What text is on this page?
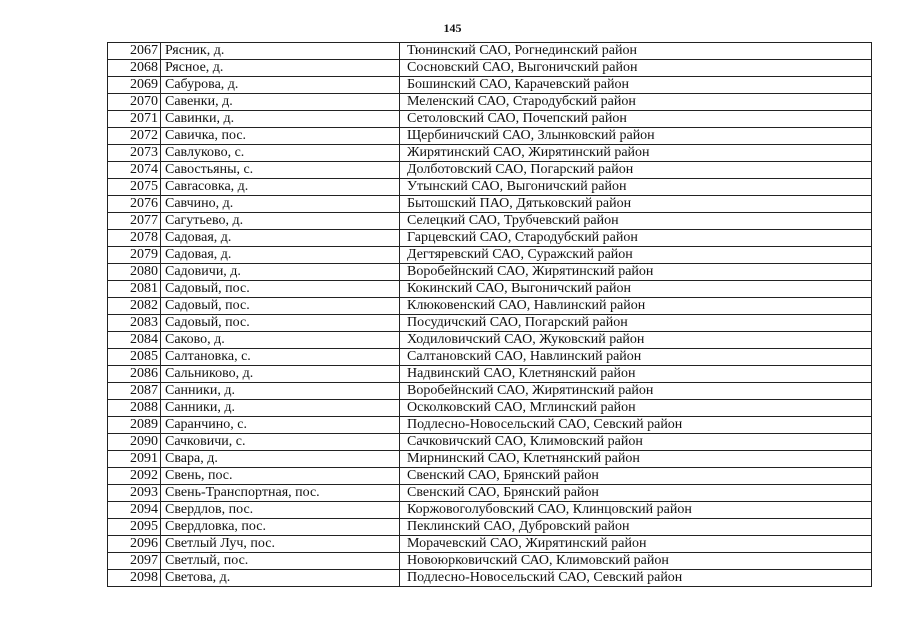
145
2067	Рясник, д.	Тюнинский САО, Рогнединский район
2068	Рясное, д.	Сосновский САО, Выгоничский район
2069	Сабурова, д.	Бошинский САО, Карачевский район
2070	Савенки, д.	Меленский САО, Стародубский район
2071	Савинки, д.	Сетоловский САО, Почепский район
2072	Савичка, пос.	Щербиничский САО, Злынковский район
2073	Савлуково, с.	Жирятинский САО, Жирятинский район
2074	Савостьяны, с.	Долботовский САО, Погарский район
2075	Савrасовка, д.	Утынский САО, Выгоничский район
2076	Савчино, д.	Бытошский ПАО, Дятьковский район
2077	Сагутьево, д.	Селецкий САО, Трубчевский район
2078	Садовая, д.	Гарцевский САО, Стародубский район
2079	Садовая, д.	Дегтяревский САО, Суражский район
2080	Садовичи, д.	Воробейнский САО, Жирятинский район
2081	Садовый, пос.	Кокинский САО, Выгоничский район
2082	Садовый, пос.	Клюковенский САО, Навлинский район
2083	Садовый, пос.	Посудичский САО, Погарский район
2084	Саково, д.	Ходиловичский САО, Жуковский район
2085	Салтановка, с.	Салтановский САО, Навлинский район
2086	Сальниково, д.	Надвинский САО, Клетнянский район
2087	Санники, д.	Воробейнский САО, Жирятинский район
2088	Санники, д.	Осколковский САО, Мглинский район
2089	Саранчино, с.	Подлесно-Новосельский САО, Севский район
2090	Сачковичи, с.	Сачковичский САО, Климовский район
2091	Свара, д.	Мирнинский САО, Клетнянский район
2092	Свень, пос.	Свенский САО, Брянский район
2093	Свень-Транспортная, пос.	Свенский САО, Брянский район
2094	Свердлов, пос.	Коржовоголубовский САО, Клинцовский район
2095	Свердловка, пос.	Пеклинский САО, Дубровский район
2096	Светлый Луч, пос.	Морачевский САО, Жирятинский район
2097	Светлый, пос.	Новоюрковичский САО, Климовский район
2098	Светова, д.	Подлесно-Новосельский САО, Севский район
